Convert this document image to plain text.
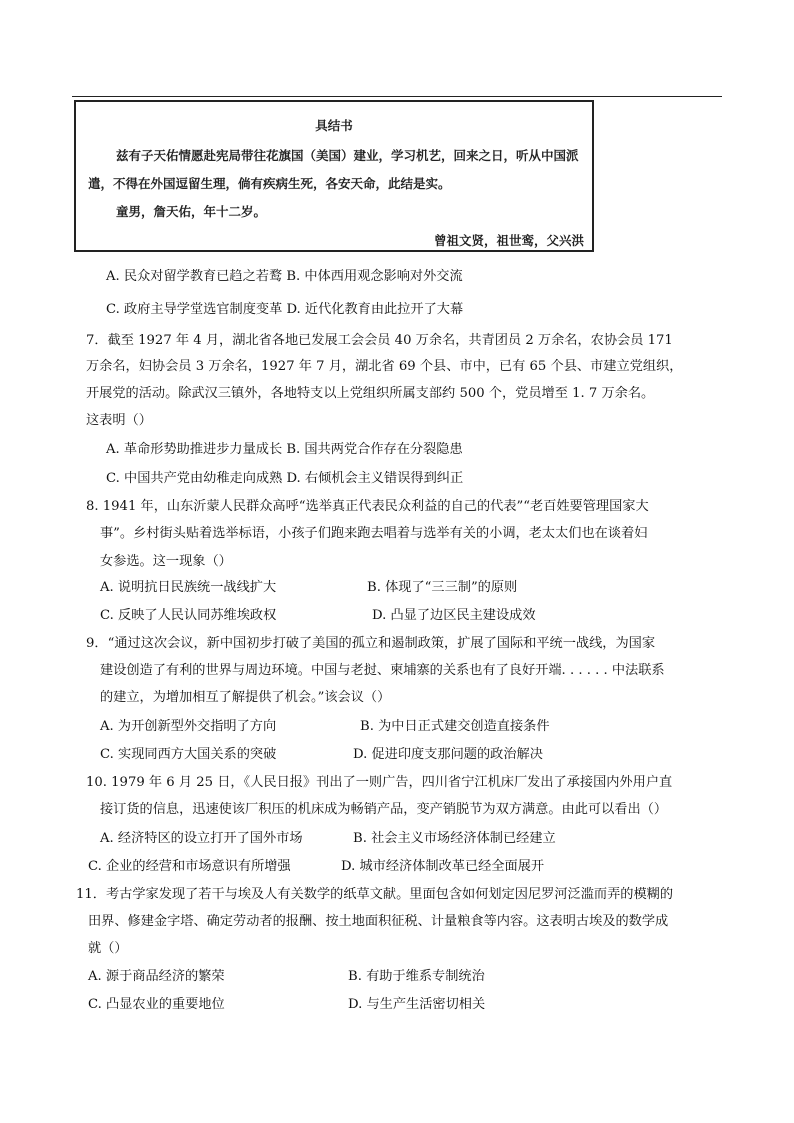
具结书
兹有子天佑情愿赴宪局带往花旗国（美国）建业，学习机艺，回来之日，听从中国派
遣，不得在外国逗留生理，倘有疾病生死，各安天命，此结是实。
童男，詹天佑，年十二岁。
曾祖文贤，祖世鸾，父兴洪
A. 民众对留学教育已趋之若鹜 B. 中体西用观念影响对外交流
C. 政府主导学堂选官制度变革 D. 近代化教育由此拉开了大幕
7．截至 1927 年 4 月，湖北省各地已发展工会会员 40 万余名，共青团员 2 万余名，农协会员 171
万余名，妇协会员 3 万余名，1927 年 7 月，湖北省 69 个县、市中，已有 65 个县、市建立党组织，
开展党的活动。除武汉三镇外，各地特支以上党组织所属支部约 500 个，党员增至 1. 7 万余名。
这表明（）
A. 革命形势助推进步力量成长 B. 国共两党合作存在分裂隐患
C. 中国共产党由幼稚走向成熟 D. 右倾机会主义错误得到纠正
8. 1941 年，山东沂蒙人民群众高呼“选举真正代表民众利益的自己的代表”“老百姓要管理国家大
事”。乡村街头贴着选举标语，小孩子们跑来跑去唱着与选举有关的小调，老太太们也在谈着妇
女参选。这一现象（）
A. 说明抗日民族统一战线扩大	B. 体现了“三三制”的原则
C. 反映了人民认同苏维埃政权	D. 凸显了边区民主建设成效
9．“通过这次会议，新中国初步打破了美国的孤立和遏制政策，扩展了国际和平统一战线，为国家
建设创造了有利的世界与周边环境。中国与老挝、柬埔寨的关系也有了良好开端. . . . . . 中法联系
的建立，为增加相互了解提供了机会。”该会议（）
A. 为开创新型外交指明了方向	B. 为中日正式建交创造直接条件
C. 实现同西方大国关系的突破	D. 促进印度支那问题的政治解决
10. 1979 年 6 月 25 日，《人民日报》刊出了一则广告，四川省宁江机床厂发出了承接国内外用户直
接订货的信息，迅速使该厂积压的机床成为畅销产品，变产销脱节为双方满意。由此可以看出（）
A. 经济特区的设立打开了国外市场	B. 社会主义市场经济体制已经建立
C. 企业的经营和市场意识有所增强	D. 城市经济体制改革已经全面展开
11．考古学家发现了若干与埃及人有关数学的纸草文献。里面包含如何划定因尼罗河泛滥而弄的模糊的
田界、修建金字塔、确定劳动者的报酬、按土地面积征税、计量粮食等内容。这表明古埃及的数学成
就（）
A. 源于商品经济的繁荣	B. 有助于维系专制统治
C. 凸显农业的重要地位	D. 与生产生活密切相关
